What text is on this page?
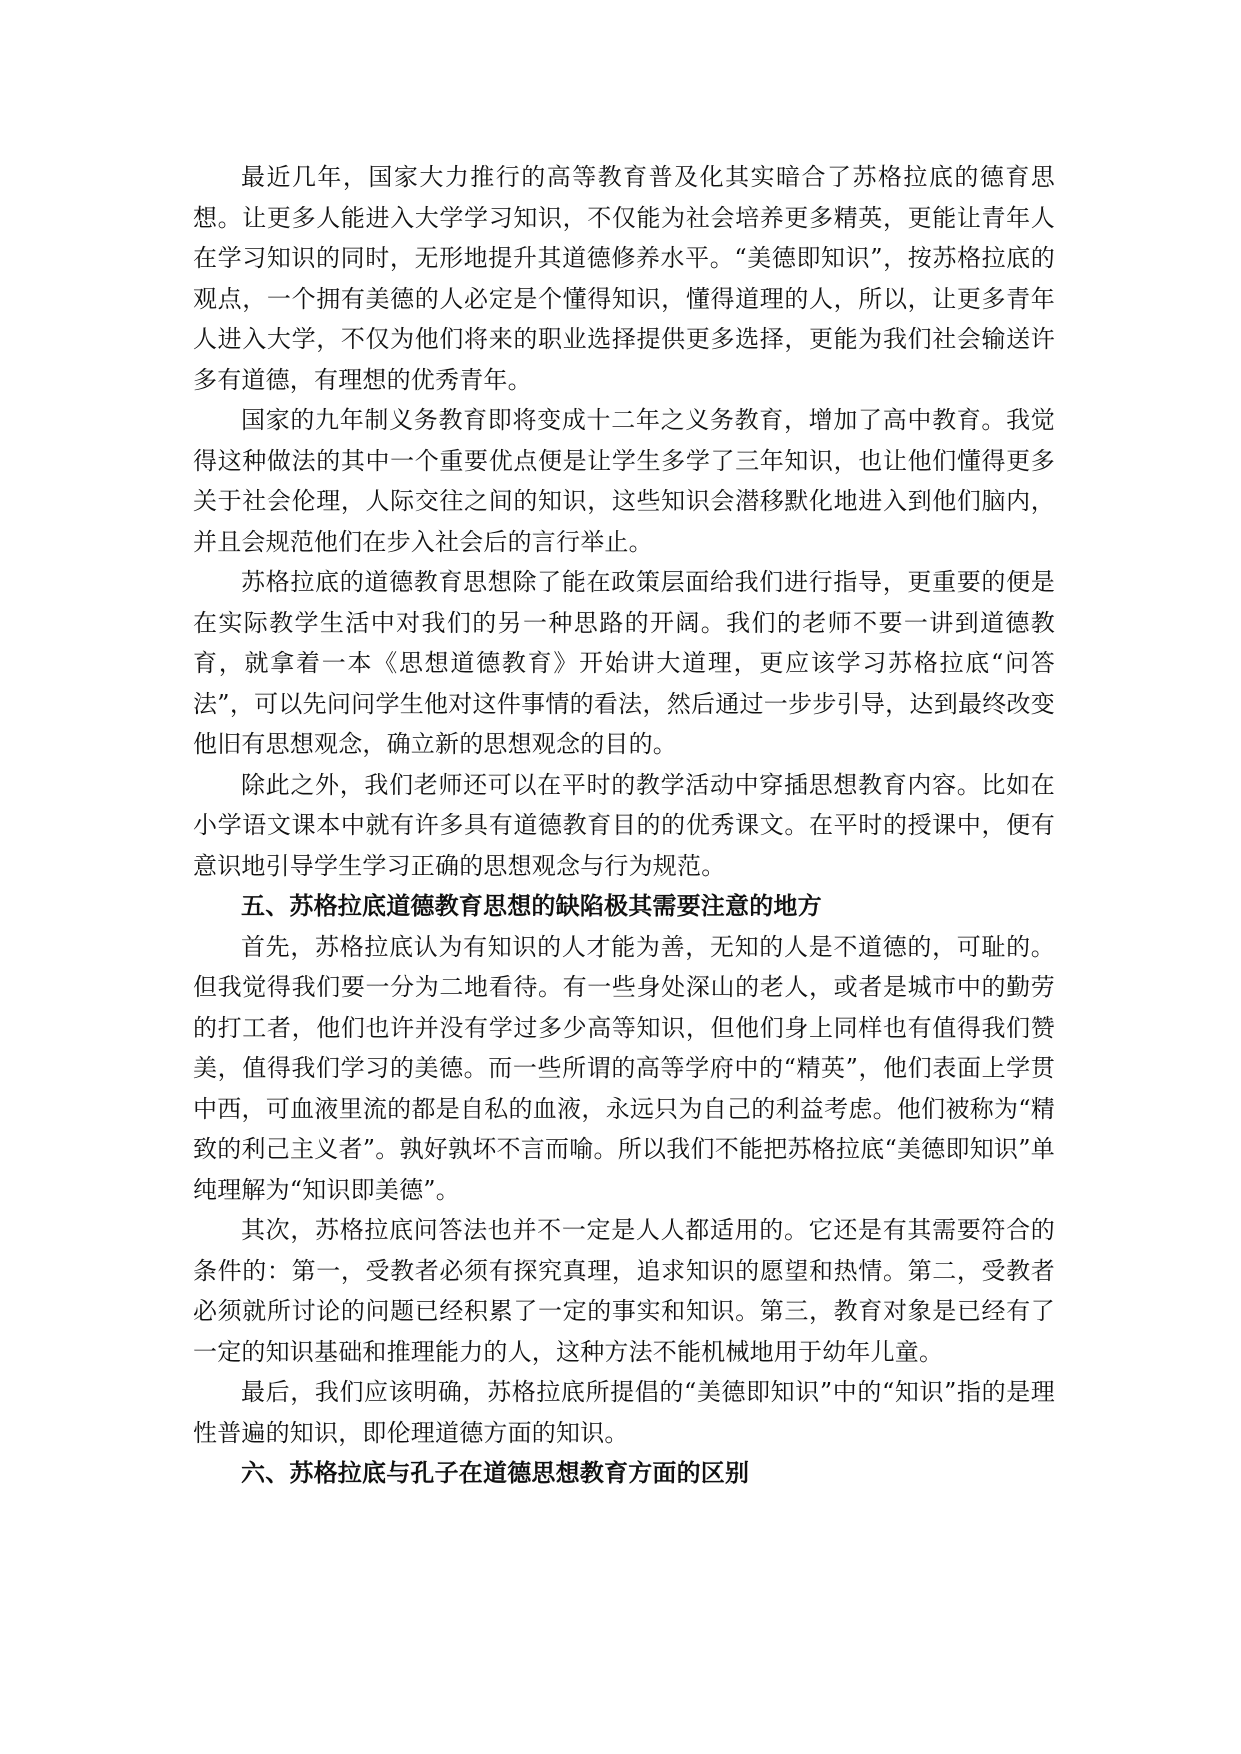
最近几年，国家大力推行的高等教育普及化其实暗合了苏格拉底的德育思想。让更多人能进入大学学习知识，不仅能为社会培养更多精英，更能让青年人在学习知识的同时，无形地提升其道德修养水平。“美德即知识”，按苏格拉底的观点，一个拥有美德的人必定是个懂得知识，懂得道理的人，所以，让更多青年人进入大学，不仅为他们将来的职业选择提供更多选择，更能为我们社会输送许多有道德，有理想的优秀青年。

国家的九年制义务教育即将变成十二年之义务教育，增加了高中教育。我觉得这种做法的其中一个重要优点便是让学生多学了三年知识，也让他们懂得更多关于社会伦理，人际交往之间的知识，这些知识会潜移默化地进入到他们脑内，并且会规范他们在步入社会后的言行举止。

苏格拉底的道德教育思想除了能在政策层面给我们进行指导，更重要的便是在实际教学生活中对我们的另一种思路的开阔。我们的老师不要一讲到道德教育，就拿着一本《思想道德教育》开始讲大道理，更应该学习苏格拉底“问答法”，可以先问问学生他对这件事情的看法，然后通过一步步引导，达到最终改变他旧有思想观念，确立新的思想观念的目的。

除此之外，我们老师还可以在平时的教学活动中穿插思想教育内容。比如在小学语文课本中就有许多具有道德教育目的的优秀课文。在平时的授课中，便有意识地引导学生学习正确的思想观念与行为规范。

五、苏格拉底道德教育思想的缺陷极其需要注意的地方

首先，苏格拉底认为有知识的人才能为善，无知的人是不道德的，可耻的。但我觉得我们要一分为二地看待。有一些身处深山的老人，或者是城市中的勤劳的打工者，他们也许并没有学过多少高等知识，但他们身上同样也有值得我们赞美，值得我们学习的美德。而一些所谓的高等学府中的“精英”，他们表面上学贯中西，可血液里流的都是自私的血液，永远只为自己的利益考虑。他们被称为“精致的利己主义者”。孰好孰坏不言而喻。所以我们不能把苏格拉底“美德即知识”单纯理解为“知识即美德”。

其次，苏格拉底问答法也并不一定是人人都适用的。它还是有其需要符合的条件的：第一，受教者必须有探究真理，追求知识的愿望和热情。第二，受教者必须就所讨论的问题已经积累了一定的事实和知识。第三，教育对象是已经有了一定的知识基础和推理能力的人，这种方法不能机械地用于幼年儿童。

最后，我们应该明确，苏格拉底所提倡的“美德即知识”中的“知识”指的是理性普遍的知识，即伦理道德方面的知识。

六、苏格拉底与孔子在道德思想教育方面的区别
